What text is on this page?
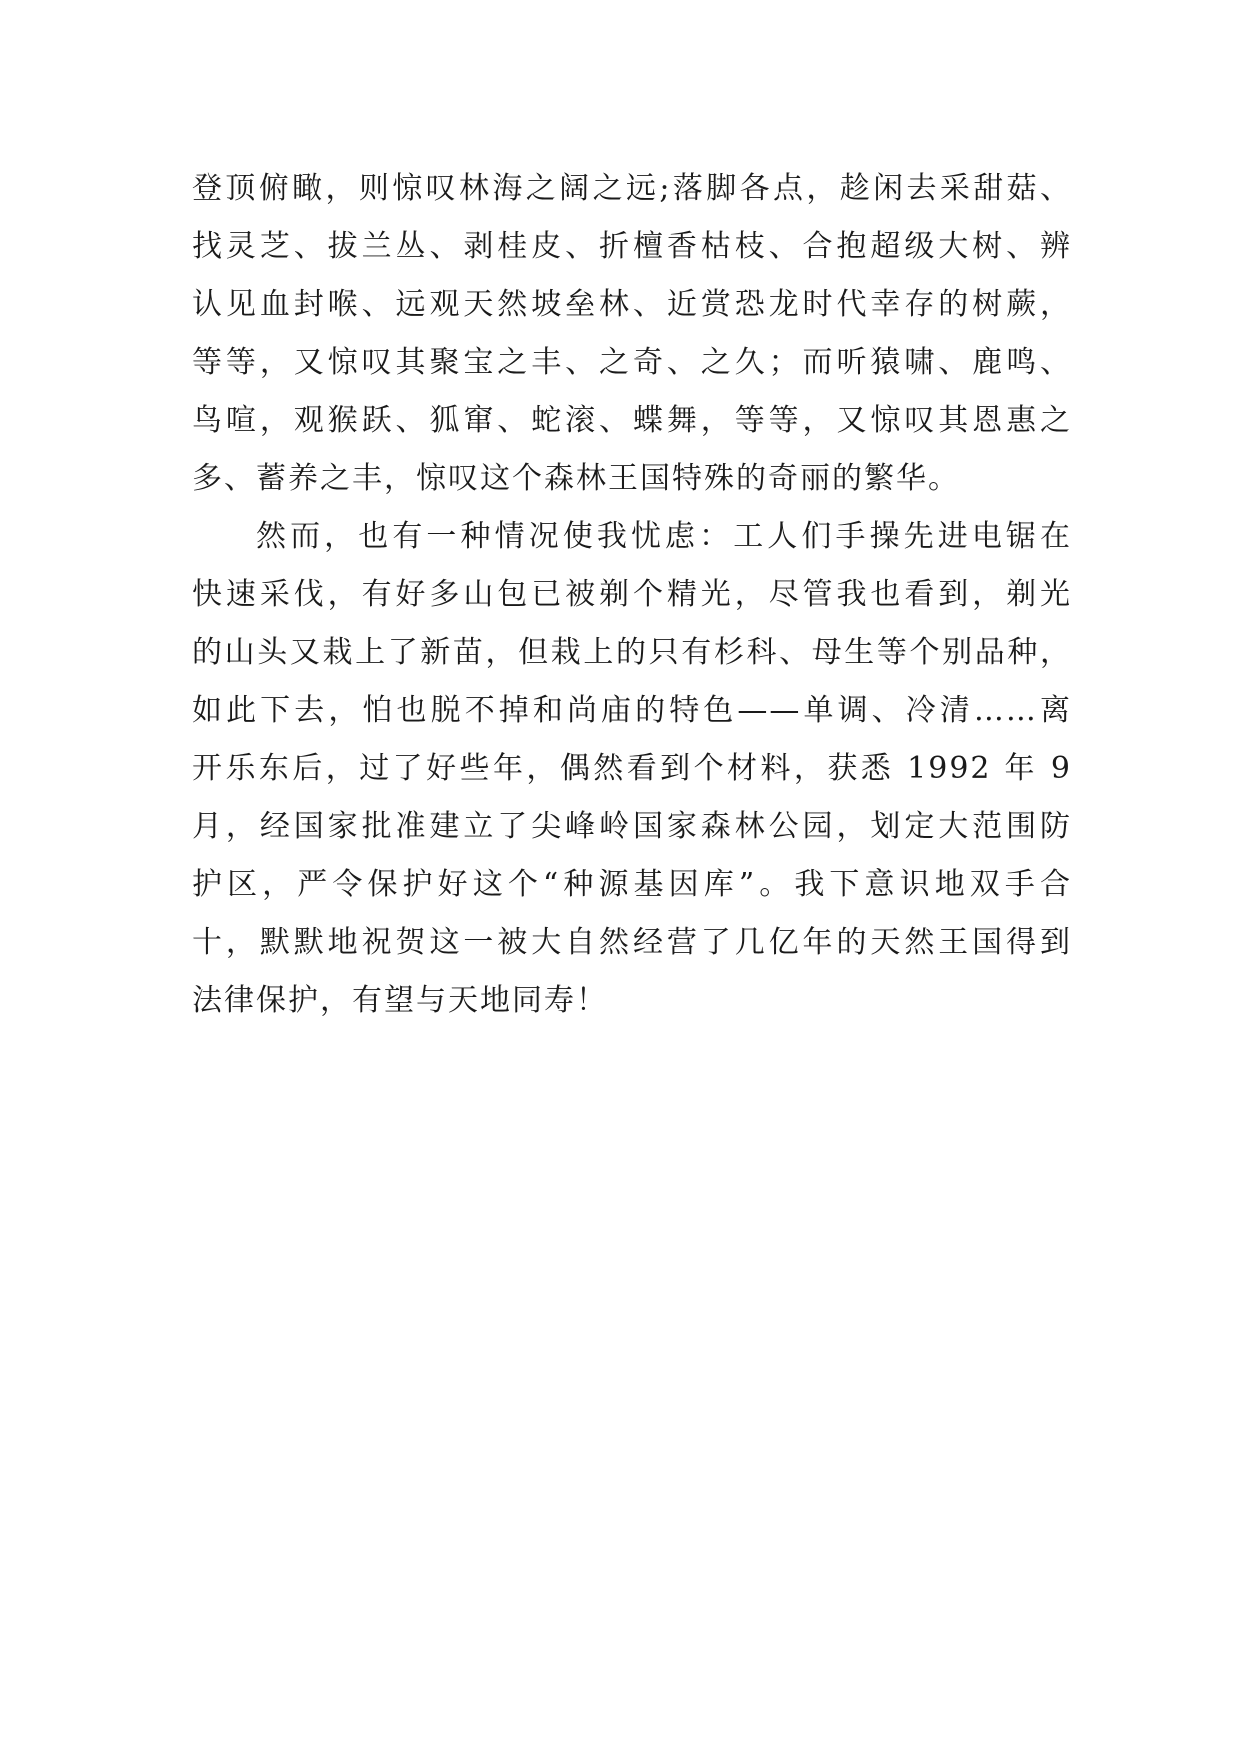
登顶俯瞰，则惊叹林海之阔之远;落脚各点，趁闲去采甜菇、
找灵芝、拔兰丛、剥桂皮、折檀香枯枝、合抱超级大树、辨
认见血封喉、远观天然坡垒林、近赏恐龙时代幸存的树蕨，
等等，又惊叹其聚宝之丰、之奇、之久；而听猿啸、鹿鸣、
鸟喧，观猴跃、狐窜、蛇滚、蝶舞，等等，又惊叹其恩惠之
多、蓄养之丰，惊叹这个森林王国特殊的奇丽的繁华。
然而，也有一种情况使我忧虑：工人们手操先进电锯在
快速采伐，有好多山包已被剃个精光，尽管我也看到，剃光
的山头又栽上了新苗，但栽上的只有杉科、母生等个别品种，
如此下去，怕也脱不掉和尚庙的特色——单调、冷清……离
开乐东后，过了好些年，偶然看到个材料，获悉 1992 年 9
月，经国家批准建立了尖峰岭国家森林公园，划定大范围防
护区，严令保护好这个“种源基因库”。我下意识地双手合
十，默默地祝贺这一被大自然经营了几亿年的天然王国得到
法律保护，有望与天地同寿！
